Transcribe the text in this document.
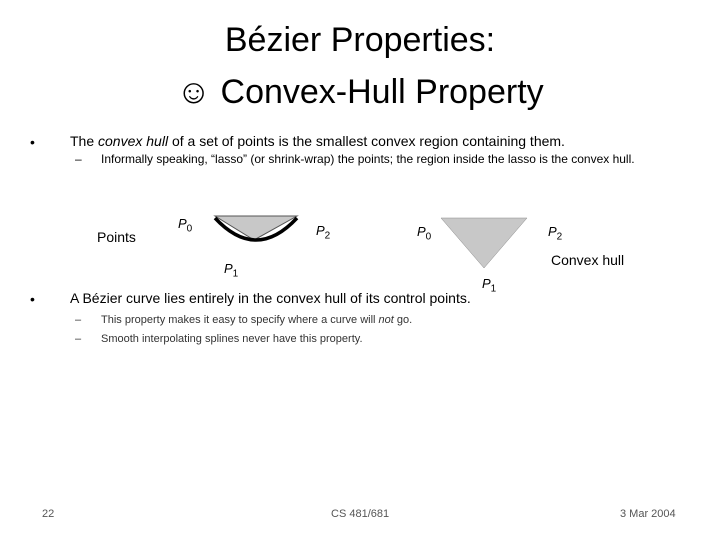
Bézier Properties:
☺ Convex-Hull Property
•	The convex hull of a set of points is the smallest convex region containing them.
– Informally speaking, “lasso” (or shrink-wrap) the points; the region inside the lasso is the convex hull.
Points
$P_0$	$P_2$
$P_1$
$P_0$	$P_2$
$P_1$
Convex hull
•	A Bézier curve lies entirely in the convex hull of its control points.
– This property makes it easy to specify where a curve will not go.
– Smooth interpolating splines never have this property.
22	CS 481/681	3 Mar 2004
